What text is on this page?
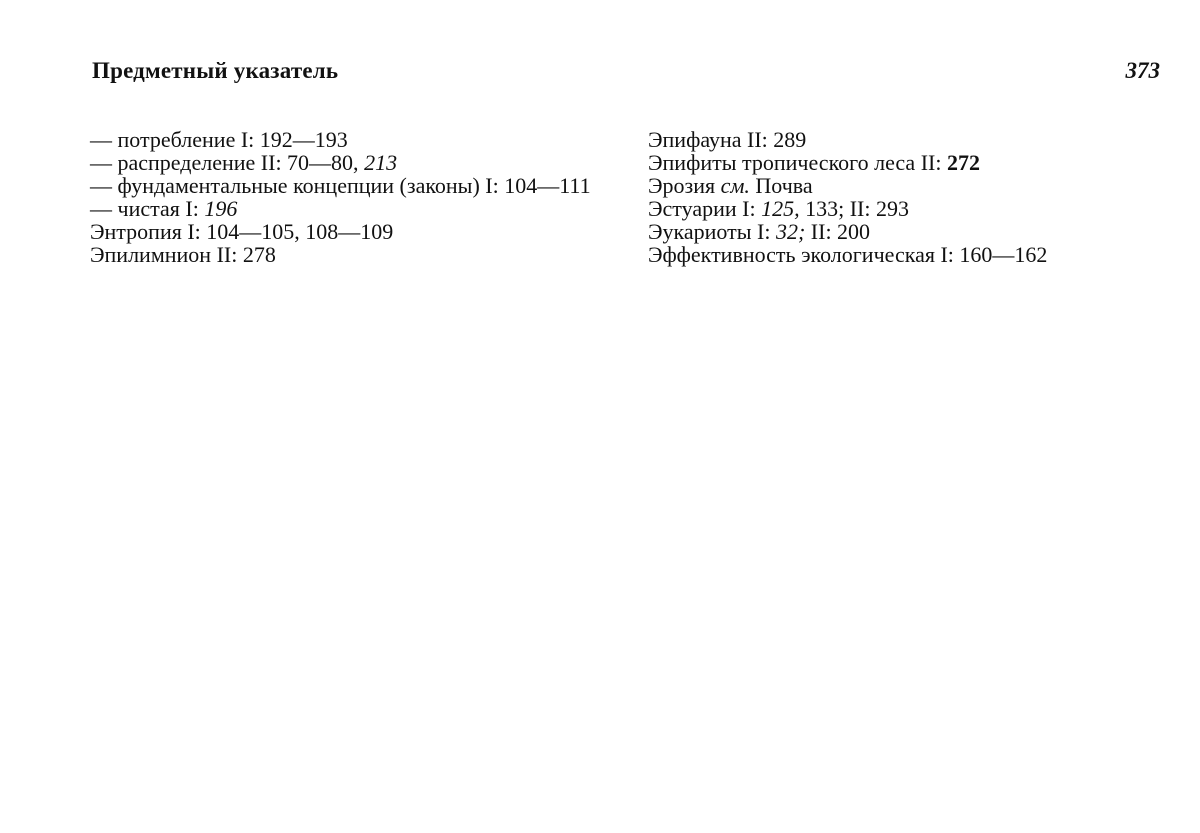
Предметный указатель	373
— потребление I: 192—193
— распределение II: 70—80, 213
— фундаментальные концепции (законы) I: 104—111
— чистая I: 196
Энтропия I: 104—105, 108—109
Эпилимнион II: 278
Эпифауна II: 289
Эпифиты тропического леса II: 272
Эрозия см. Почва
Эстуарии I: 125, 133; II: 293
Эукариоты I: 32; II: 200
Эффективность экологическая I: 160—162
